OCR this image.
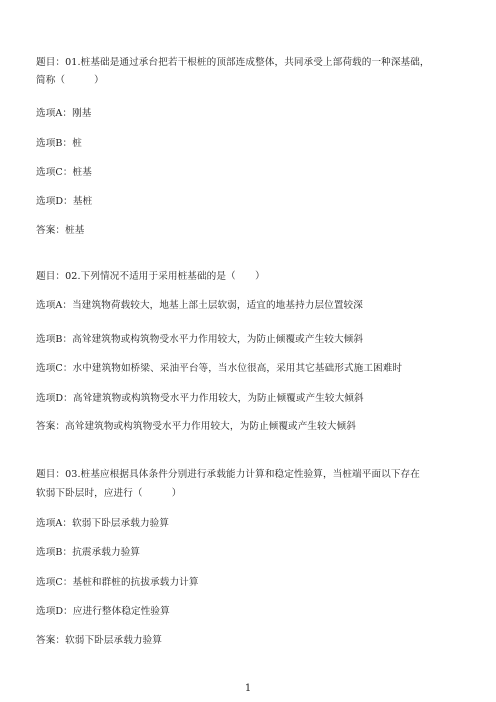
题目：01.桩基础是通过承台把若干根桩的顶部连成整体，共同承受上部荷载的一种深基础，
简称（　　　）
选项A：刚基
选项B：桩
选项C：桩基
选项D：基桩
答案：桩基
题目：02.下列情况不适用于采用桩基础的是（　　）
选项A：当建筑物荷载较大，地基上部土层软弱，适宜的地基持力层位置较深
选项B：高耸建筑物或构筑物受水平力作用较大，为防止倾覆或产生较大倾斜
选项C：水中建筑物如桥梁、采油平台等，当水位很高，采用其它基础形式施工困难时
选项D：高耸建筑物或构筑物受水平力作用较大，为防止倾覆或产生较大倾斜
答案：高耸建筑物或构筑物受水平力作用较大，为防止倾覆或产生较大倾斜
题目：03.桩基应根据具体条件分别进行承载能力计算和稳定性验算，当桩端平面以下存在
软弱下卧层时，应进行（　　　）
选项A：软弱下卧层承载力验算
选项B：抗震承载力验算
选项C：基桩和群桩的抗拔承载力计算
选项D：应进行整体稳定性验算
答案：软弱下卧层承载力验算
1
